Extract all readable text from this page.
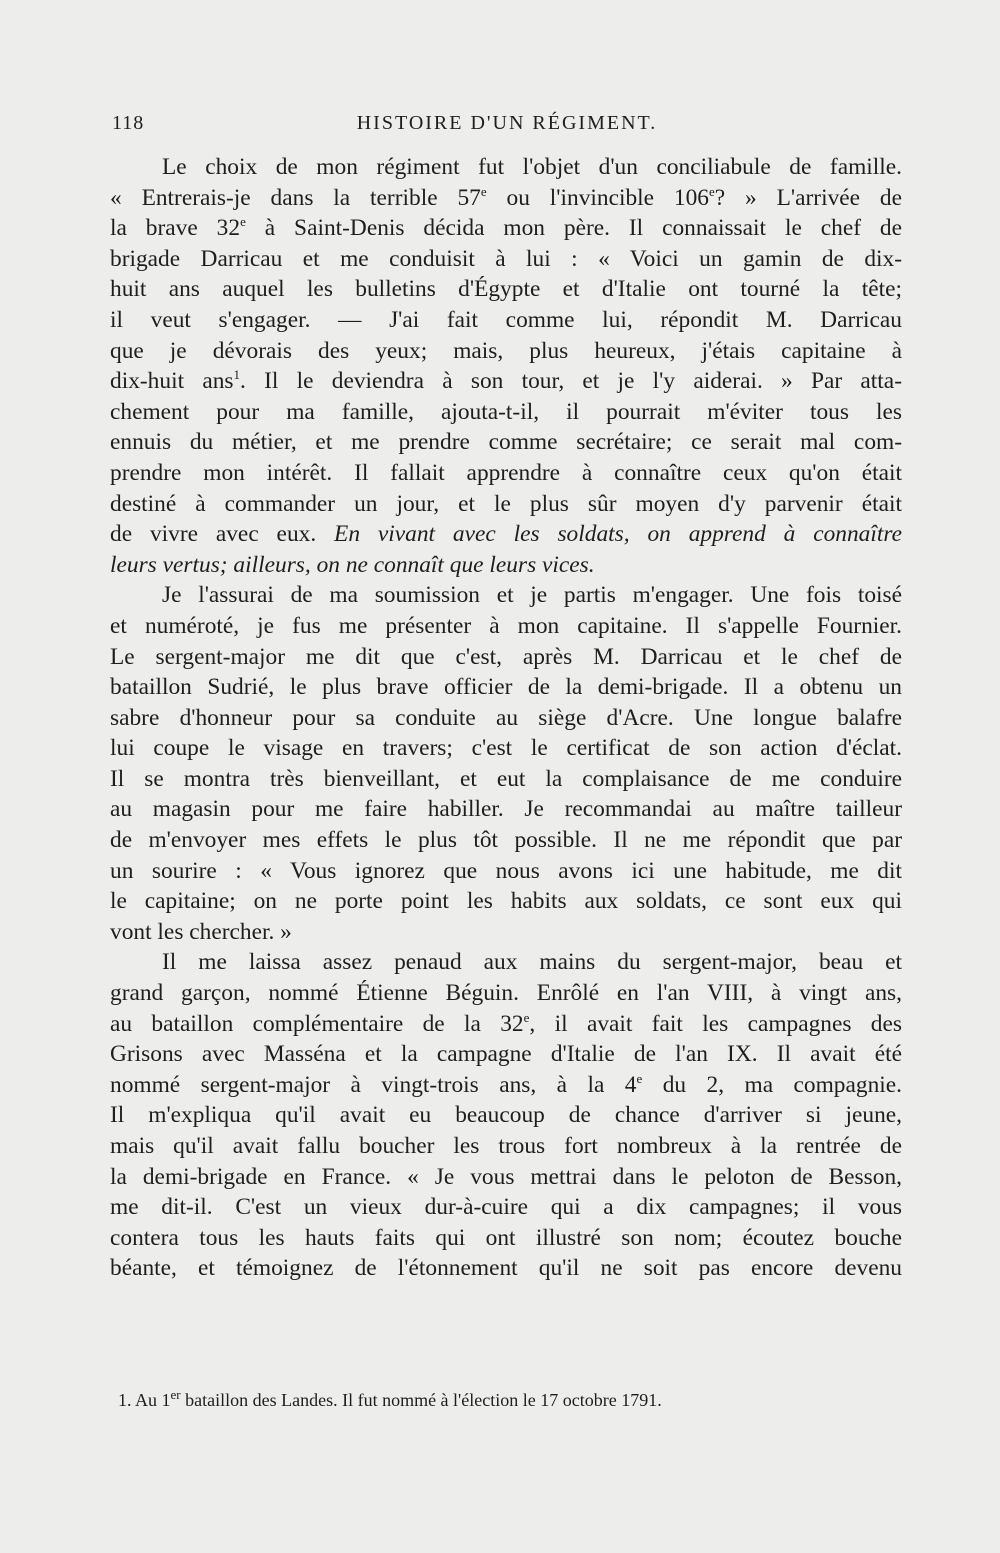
118	HISTOIRE D'UN RÉGIMENT.
Le choix de mon régiment fut l'objet d'un conciliabule de famille.
« Entrerais-je dans la terrible 57e ou l'invincible 106e? » L'arrivée de
la brave 32e à Saint-Denis décida mon père. Il connaissait le chef de
brigade Darricau et me conduisit à lui : « Voici un gamin de dix-
huit ans auquel les bulletins d'Égypte et d'Italie ont tourné la tête;
il veut s'engager. — J'ai fait comme lui, répondit M. Darricau
que je dévorais des yeux; mais, plus heureux, j'étais capitaine à
dix-huit ans$^1$. Il le deviendra à son tour, et je l'y aiderai. » Par atta-
chement pour ma famille, ajouta-t-il, il pourrait m'éviter tous les
ennuis du métier, et me prendre comme secrétaire; ce serait mal com-
prendre mon intérêt. Il fallait apprendre à connaître ceux qu'on était
destiné à commander un jour, et le plus sûr moyen d'y parvenir était
de vivre avec eux. En vivant avec les soldats, on apprend à connaître
leurs vertus; ailleurs, on ne connaît que leurs vices.
Je l'assurai de ma soumission et je partis m'engager. Une fois toisé
et numéroté, je fus me présenter à mon capitaine. Il s'appelle Fournier.
Le sergent-major me dit que c'est, après M. Darricau et le chef de
bataillon Sudrié, le plus brave officier de la demi-brigade. Il a obtenu un
sabre d'honneur pour sa conduite au siège d'Acre. Une longue balafre
lui coupe le visage en travers; c'est le certificat de son action d'éclat.
Il se montra très bienveillant, et eut la complaisance de me conduire
au magasin pour me faire habiller. Je recommandai au maître tailleur
de m'envoyer mes effets le plus tôt possible. Il ne me répondit que par
un sourire : « Vous ignorez que nous avons ici une habitude, me dit
le capitaine; on ne porte point les habits aux soldats, ce sont eux qui
vont les chercher. »
Il me laissa assez penaud aux mains du sergent-major, beau et
grand garçon, nommé Étienne Béguin. Enrôlé en l'an VIII, à vingt ans,
au bataillon complémentaire de la 32e, il avait fait les campagnes des
Grisons avec Masséna et la campagne d'Italie de l'an IX. Il avait été
nommé sergent-major à vingt-trois ans, à la 4e du 2, ma compagnie.
Il m'expliqua qu'il avait eu beaucoup de chance d'arriver si jeune,
mais qu'il avait fallu boucher les trous fort nombreux à la rentrée de
la demi-brigade en France. « Je vous mettrai dans le peloton de Besson,
me dit-il. C'est un vieux dur-à-cuire qui a dix campagnes; il vous
contera tous les hauts faits qui ont illustré son nom; écoutez bouche
béante, et témoignez de l'étonnement qu'il ne soit pas encore devenu
1. Au 1er bataillon des Landes. Il fut nommé à l'élection le 17 octobre 1791.
